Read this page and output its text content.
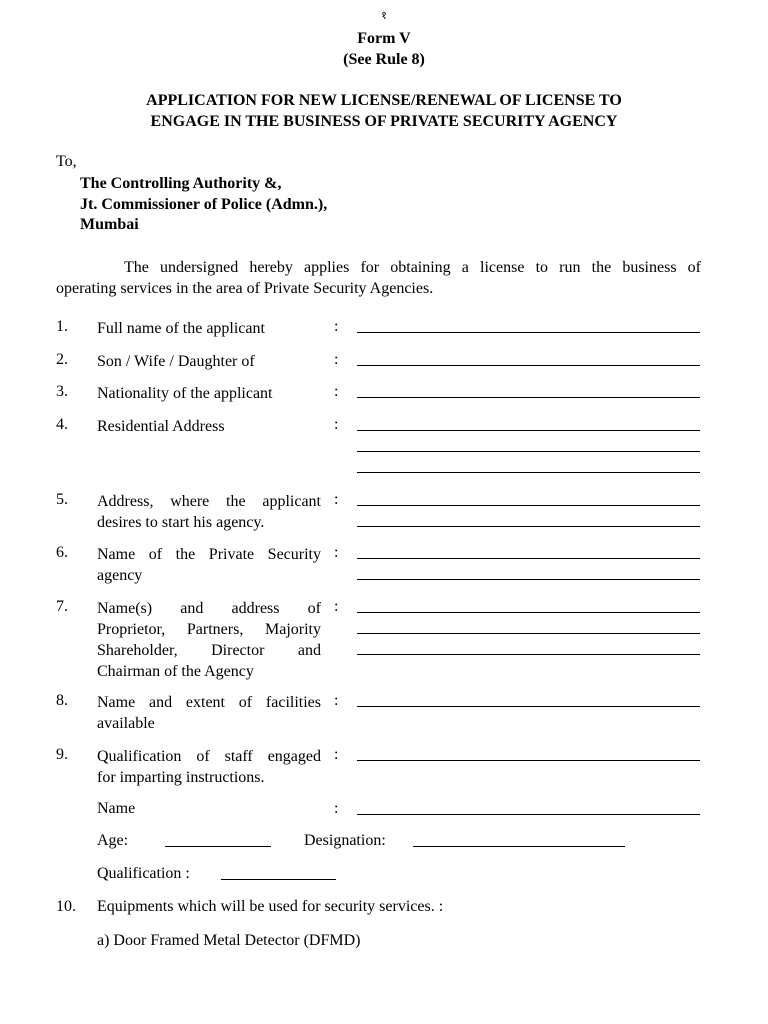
१
Form V
(See Rule 8)
APPLICATION FOR NEW LICENSE/RENEWAL OF LICENSE TO
ENGAGE IN THE BUSINESS OF PRIVATE SECURITY AGENCY
To,
The Controlling Authority &,
Jt. Commissioner of Police (Admn.),
Mumbai
The undersigned hereby applies for obtaining a license to run the business of
operating services in the area of Private Security Agencies.
1. Full name of the applicant	:
2. Son / Wife / Daughter of	:
3. Nationality of the applicant	:
4. Residential Address	:
5. Address, where the applicant
desires to start his agency.
:
6. Name of the Private Security
agency
:
7. Name(s) and address of
Proprietor, Partners, Majority
Shareholder, Director and
Chairman of the Agency
:
8. Name and extent of facilities
available
:
9. Qualification of staff engaged
for imparting instructions.
:
Name	:
Age:	Designation:
Qualification :
10. Equipments which will be used for security services. :
a) Door Framed Metal Detector (DFMD)
